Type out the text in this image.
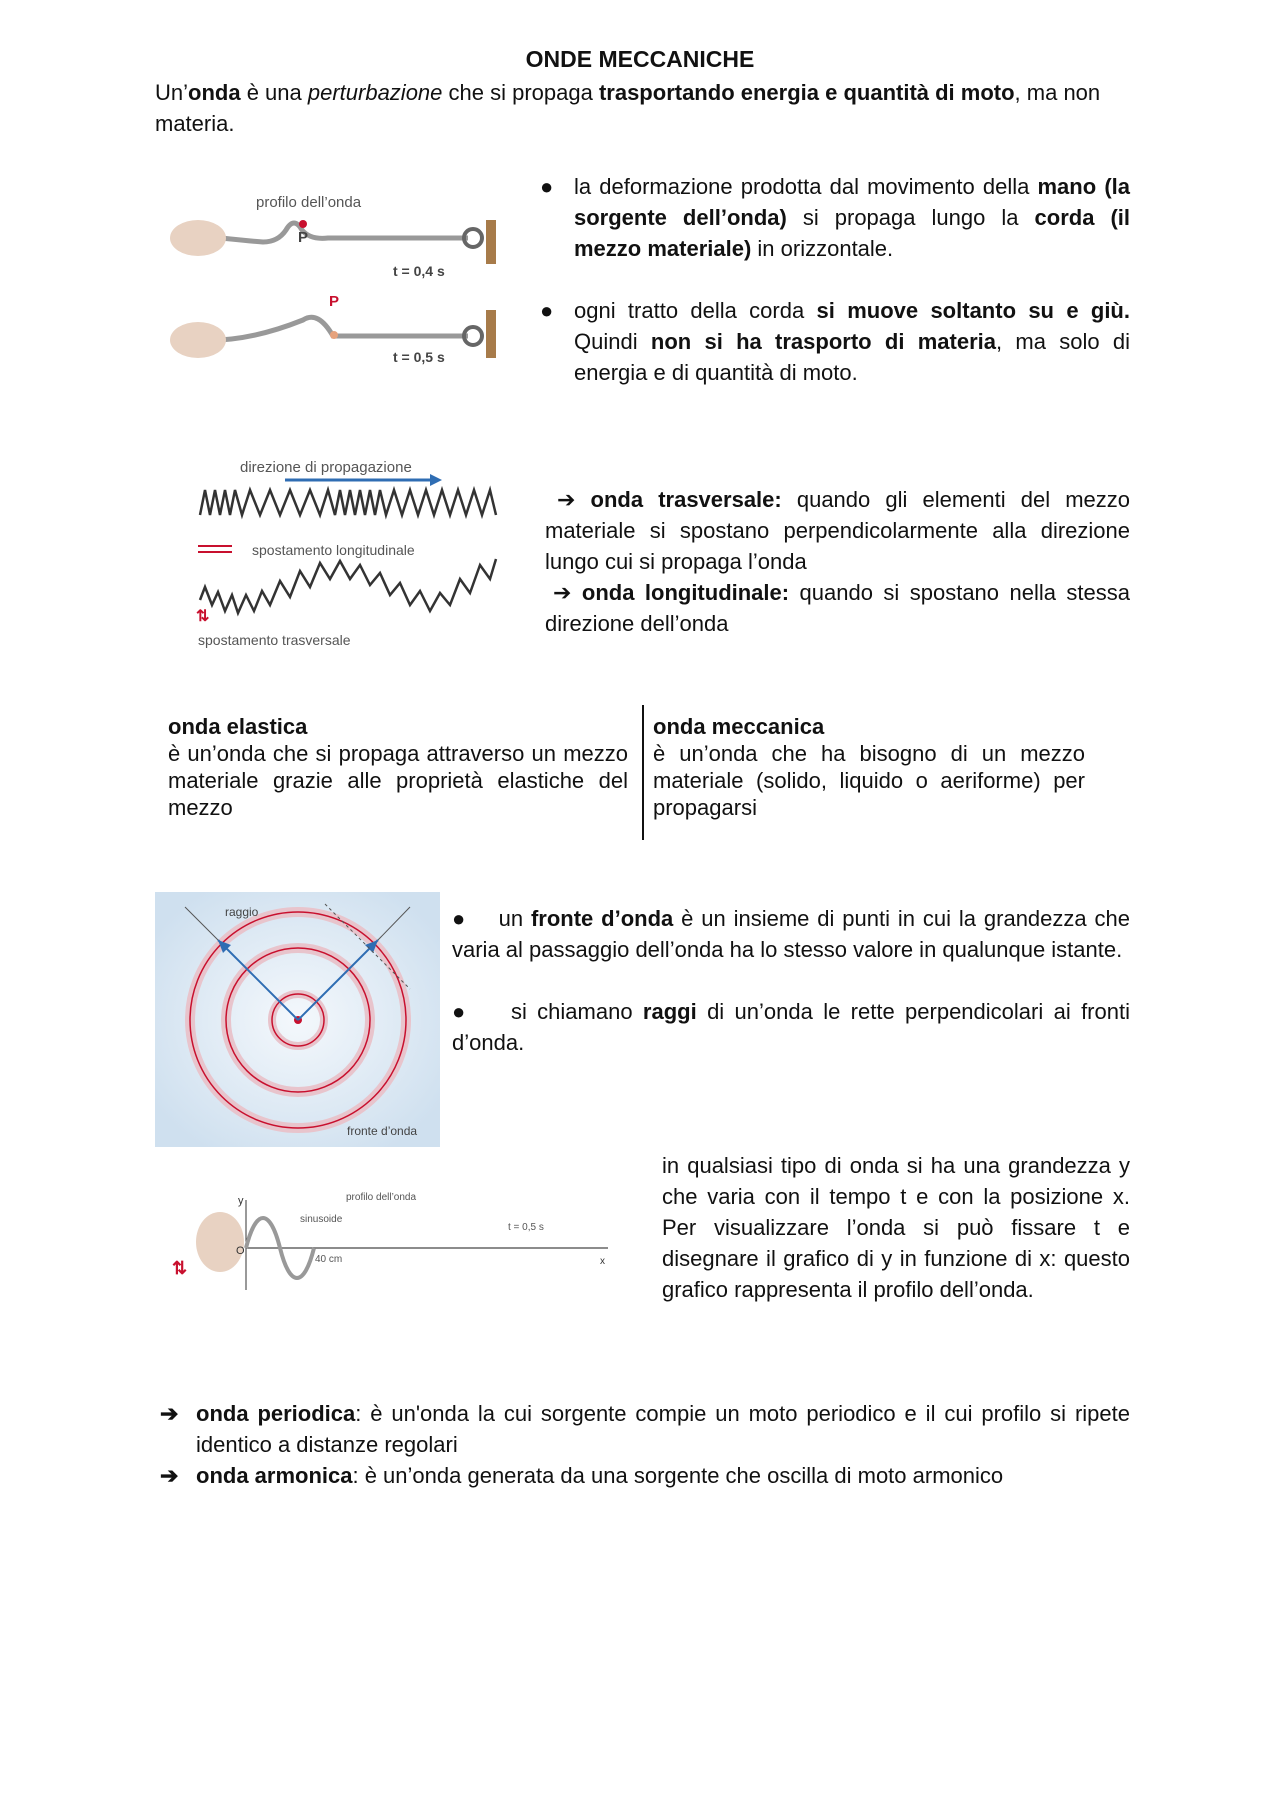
ONDE MECCANICHE
Un’onda è una perturbazione che si propaga trasportando energia e quantità di moto, ma non materia.
profilo dell’onda
P
t = 0,4 s
P
t = 0,5 s
● la deformazione prodotta dal movimento della mano (la sorgente dell’onda) si propaga lungo la corda (il mezzo materiale) in orizzontale.
● ogni tratto della corda si muove soltanto su e giù. Quindi non si ha trasporto di materia, ma solo di energia e di quantità di moto.
direzione di propagazione
spostamento longitudinale
⇅
spostamento trasversale
➔ onda trasversale: quando gli elementi del mezzo materiale si spostano perpendicolarmente alla direzione lungo cui si propaga l’onda
➔ onda longitudinale: quando si spostano nella stessa direzione dell’onda
onda elastica
è un’onda che si propaga attraverso un mezzo materiale grazie alle proprietà elastiche del mezzo
onda meccanica
è un’onda che ha bisogno di un mezzo materiale (solido, liquido o aeriforme) per propagarsi
raggio
fronte d’onda
● un fronte d’onda è un insieme di punti in cui la grandezza che varia al passaggio dell’onda ha lo stesso valore in qualunque istante.
● si chiamano raggi di un’onda le rette perpendicolari ai fronti d’onda.
⇅
y
O
x
profilo dell’onda
sinusoide
t = 0,5 s
40 cm
in qualsiasi tipo di onda si ha una grandezza y che varia con il tempo t e con la posizione x. Per visualizzare l’onda si può fissare t e disegnare il grafico di y in funzione di x: questo grafico rappresenta il profilo dell’onda.
➔ onda periodica: è un'onda la cui sorgente compie un moto periodico e il cui profilo si ripete identico a distanze regolari
➔ onda armonica: è un’onda generata da una sorgente che oscilla di moto armonico
